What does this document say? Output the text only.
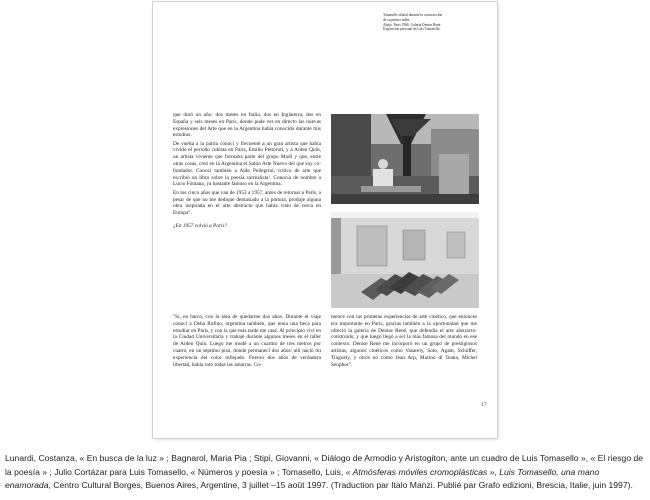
Tomasello afiatal durante la construcción
de su primer taller.
Abajo. París 1966. Galería Denise René.
Exposición personal de Luis Tomasello.

que duró un año: dos meses en Italia, dos en Inglaterra, dos en España y seis meses en París, donde pude ver en directo las nuevas expresiones del Arte que en la Argentina había conocido durante mis estudios.

De vuelta a la patria conocí y frecuenté a un gran artista que había vivido el período cubista en París, Emilio Pettoruti, y a Arden Quin, un artista viviente que formaba parte del grupo Madí y que, entre otras cosas, creó en la Argentina el Salón Arte Nuevo del que soy co-fundador. Conocí también a Aldo Pellegrini, crítico de arte que escribió un libro sobre la poesía surrealista¹. Conocía de nombre a Lucio Fontana, ya bastante famoso en la Argentina.

En los cinco años que van de 1952 a 1957, antes de retornar a París, a pesar de que no me dedique demasiado a la pintura, produje alguna obra inspirada en el arte abstracto que había visto de cerca en Europa".

¿En 1957 volvió a París?

"Sí, en barco, con la idea de quedarme dos años. Durante el viaje conocí a Deba Rufino, argentina también, que tenía una beca para estudiar en París, y con la que más tarde me casé. Al principio viví en la Ciudad Universitaria y trabajé durante algunos meses en el taller de Arden Quin. Luego me mudé a un cuartito de tres metros por cuatro, en un séptimo piso, donde permanecí dos años: allí nació mi experiencia del color reflejado. Fueron dos años de verdadera libertad, había roto todas las amarras. Co-
mencé con las primeras experiencias de arte cinético, que entonces era importante en París, gracias también a la oportunidad que me ofreció la galería de Denise René, que defendía el arte abstracto-construido, y que luego llegó a ser la más famosa del mundo en ese contexto. Denise René me incorporó en un grupo de prestigiosos artistas, algunos cinéticos como Vasarely, Soto, Agam, Schöffer, Tinguely, y otros no como Jean Arp, Marino di Teana, Michel Seuphor".
17

Lunardi, Costanza, « En busca de la luz » ; Bagnarol, Maria Pia ; Stipi, Giovanni, « Diálogo de Armodio y Aristogiton, ante un cuadro de Luis Tomasello », « El riesgo de la poesía » ; Julio Cortázar para Luis Tomasello, « Números y poesía » ; Tomasello, Luis, « Atmósferas móviles cromoplásticas », Luis Tomasello, una mano enamorada, Centro Cultural Borges, Buenos Aires, Argentine, 3 juillet –15 août 1997. (Traduction par Italo Manzi. Publié par Grafo edizioni, Brescia, Italie, juin 1997).
